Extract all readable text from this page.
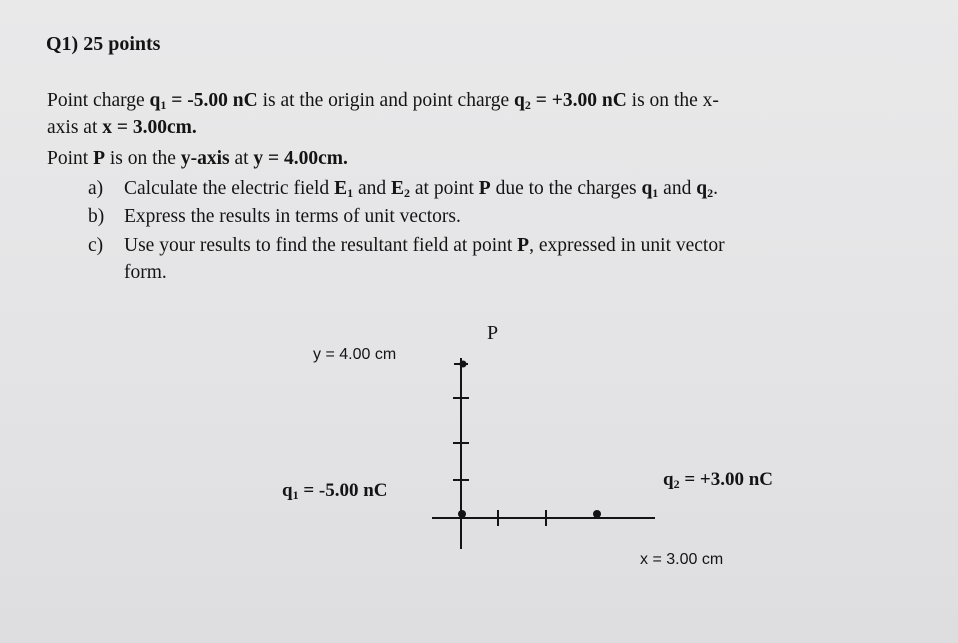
Q1) 25 points
Point charge $q_1 = -5.00$ nC is at the origin and point charge $q_2 = +3.00$ nC is on the x-
axis at x = 3.00cm.
Point P is on the y-axis at y = 4.00cm.
a) Calculate the electric field $E_1$ and $E_2$ at point P due to the charges $q_1$ and $q_2$.
b) Express the results in terms of unit vectors.
c) Use your results to find the resultant field at point P, expressed in unit vector
form.
y = 4.00 cm
P
$q_1 = -5.00$ nC
$q_2 = +3.00$ nC
x = 3.00 cm
